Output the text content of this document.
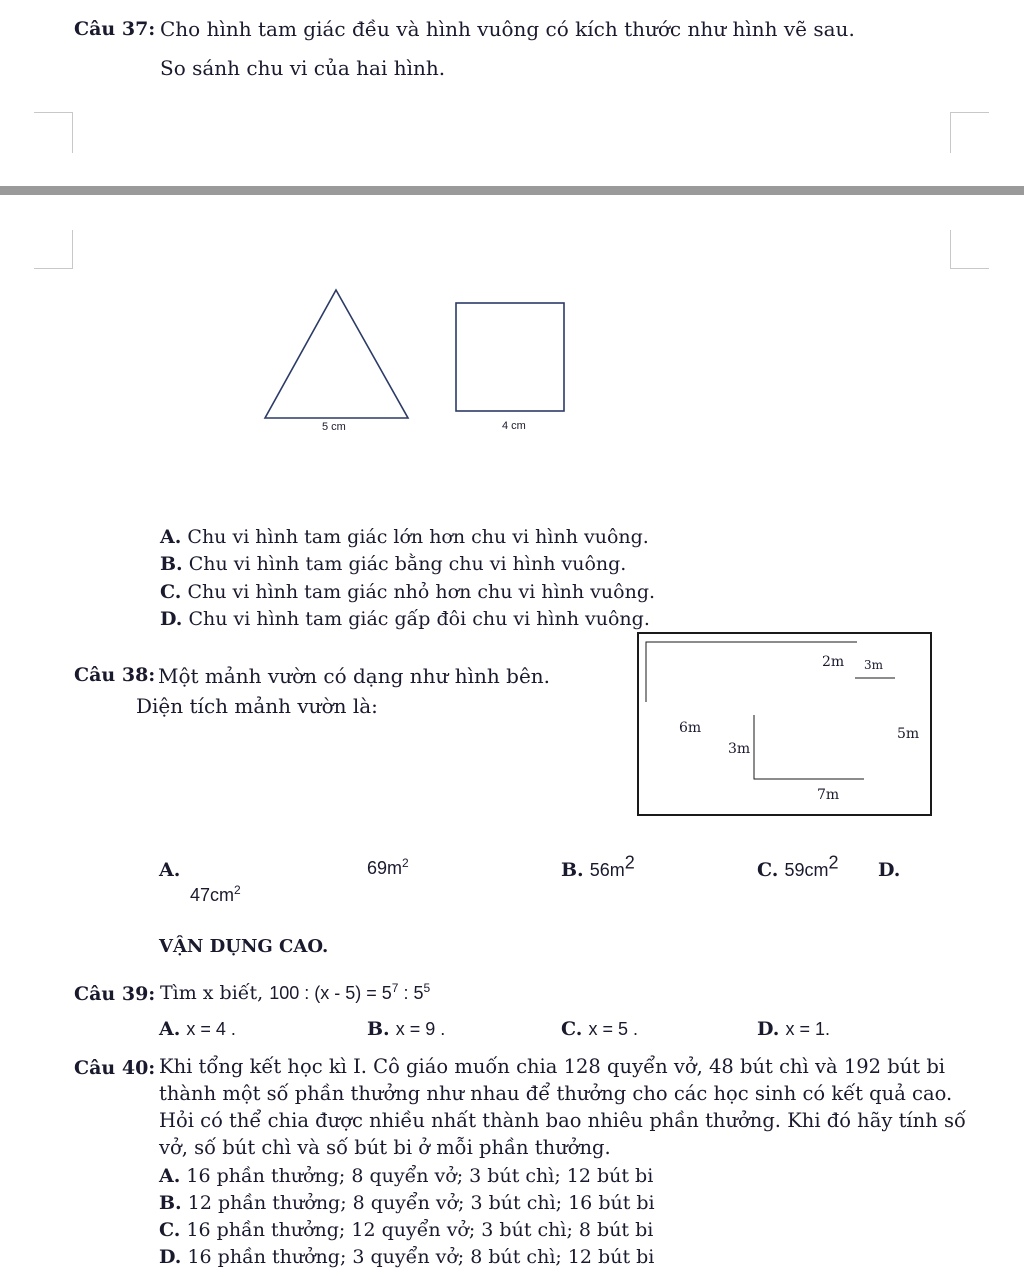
Câu 37: Cho hình tam giác đều và hình vuông có kích thước như hình vẽ sau.
So sánh chu vi của hai hình.
5 cm	4 cm
A. Chu vi hình tam giác lớn hơn chu vi hình vuông.
B. Chu vi hình tam giác bằng chu vi hình vuông.
C. Chu vi hình tam giác nhỏ hơn chu vi hình vuông.
D. Chu vi hình tam giác gấp đôi chu vi hình vuông.
Câu 38: Một mảnh vườn có dạng như hình bên.
Diện tích mảnh vườn là:
2m 3m
6m	5m
3m
7m
A.	$69m^2$	B. $56m^2$	C. $59cm^2$ D.
$47cm^2$
VẬN DỤNG CAO.
Câu 39: Tìm x biết, 100 : $(x - 5) = 5^7$ : $5^5$
A. x = 4 .	B. x = 9 .	C. x = 5 .	D. x = 1.
Câu 40: Khi tổng kết học kì I. Cô giáo muốn chia 128 quyển vở, 48 bút chì và 192 bút bi
thành một số phần thưởng như nhau để thưởng cho các học sinh có kết quả cao.
Hỏi có thể chia được nhiều nhất thành bao nhiêu phần thưởng. Khi đó hãy tính số
vở, số bút chì và số bút bi ở mỗi phần thưởng.
A. 16 phần thưởng; 8 quyển vở; 3 bút chì; 12 bút bi
B. 12 phần thưởng; 8 quyển vở; 3 bút chì; 16 bút bi
C. 16 phần thưởng; 12 quyển vở; 3 bút chì; 8 bút bi
D. 16 phần thưởng; 3 quyển vở; 8 bút chì; 12 bút bi
